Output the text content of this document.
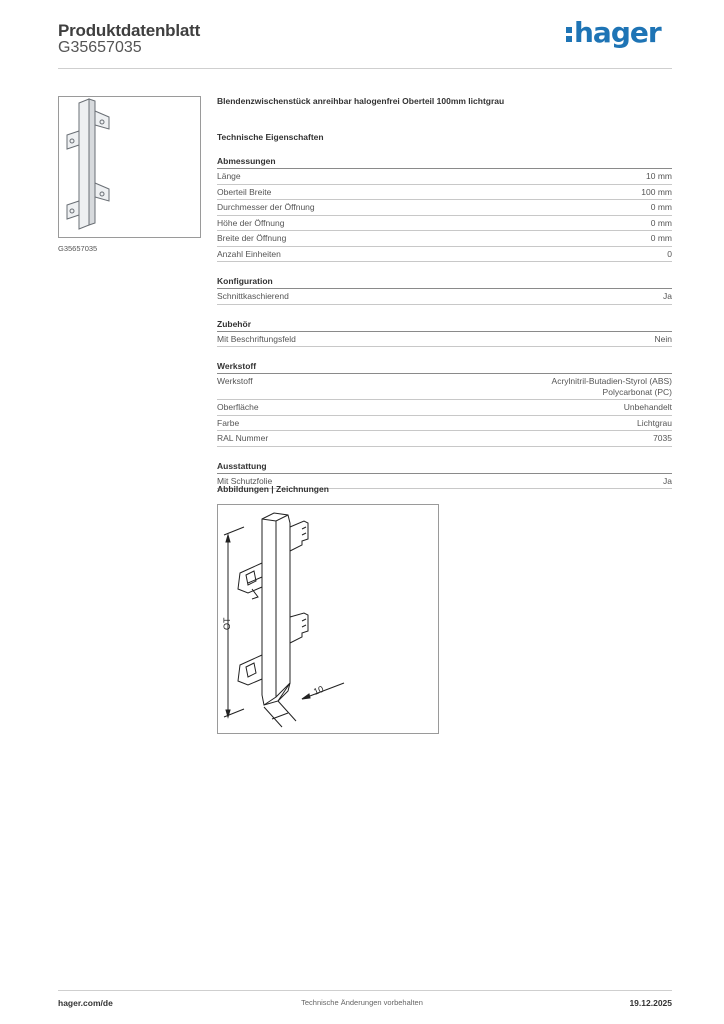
Produktdatenblatt
G35657035	hager
G35657035
Blendenzwischenstück anreihbar halogenfrei Oberteil 100mm lichtgrau
Technische Eigenschaften
Abmessungen
Länge	10 mm
Oberteil Breite	100 mm
Durchmesser der Öffnung	0 mm
Höhe der Öffnung	0 mm
Breite der Öffnung	0 mm
Anzahl Einheiten	0
Konfiguration
Schnittkaschierend	Ja
Zubehör
Mit Beschriftungsfeld	Nein
Werkstoff
Werkstoff	Acrylnitril-Butadien-Styrol (ABS)
Polycarbonat (PC)
Oberfläche	Unbehandelt
Farbe	Lichtgrau
RAL Nummer	7035
Ausstattung
Mit Schutzfolie	Ja
Abbildungen | Zeichnungen
OT
10
hager.com/de	Technische Änderungen vorbehalten	19.12.2025
